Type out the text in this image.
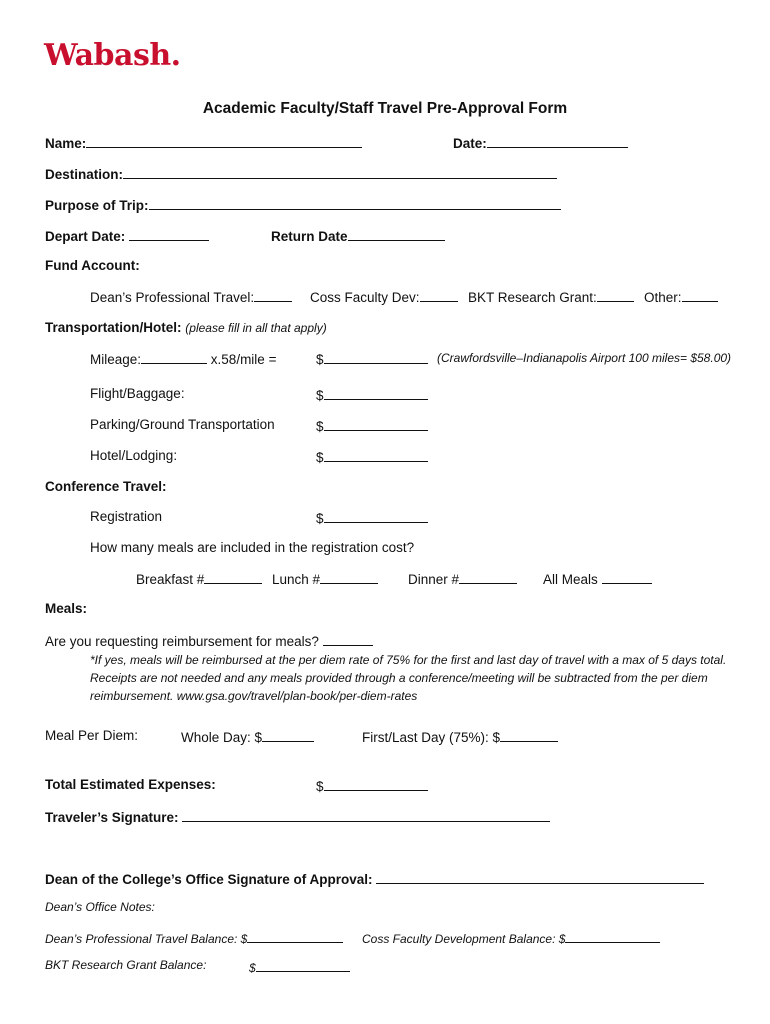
Wabash.
Academic Faculty/Staff Travel Pre-Approval Form
Name:	Date:
Destination:
Purpose of Trip:
Depart Date:	Return Date
Fund Account:
Dean’s Professional Travel:	Coss Faculty Dev:	BKT Research Grant:	Other:
Transportation/Hotel: (please fill in all that apply)
Mileage:	x.58/mile =	$	(Crawfordsville–Indianapolis Airport 100 miles= $58.00)
Flight/Baggage:	$
Parking/Ground Transportation	$
Hotel/Lodging:	$
Conference Travel:
Registration	$
How many meals are included in the registration cost?
Breakfast #	Lunch #	Dinner #	All Meals
Meals:
Are you requesting reimbursement for meals?
*If yes, meals will be reimbursed at the per diem rate of 75% for the first and last day of travel with a max of 5 days total. Receipts are not needed and any meals provided through a conference/meeting will be subtracted from the per diem reimbursement. www.gsa.gov/travel/plan-book/per-diem-rates
Meal Per Diem:	Whole Day: $	First/Last Day (75%): $
Total Estimated Expenses:	$
Traveler’s Signature:
Dean of the College’s Office Signature of Approval:
Dean’s Office Notes:
Dean’s Professional Travel Balance: $	Coss Faculty Development Balance: $
BKT Research Grant Balance:	$
